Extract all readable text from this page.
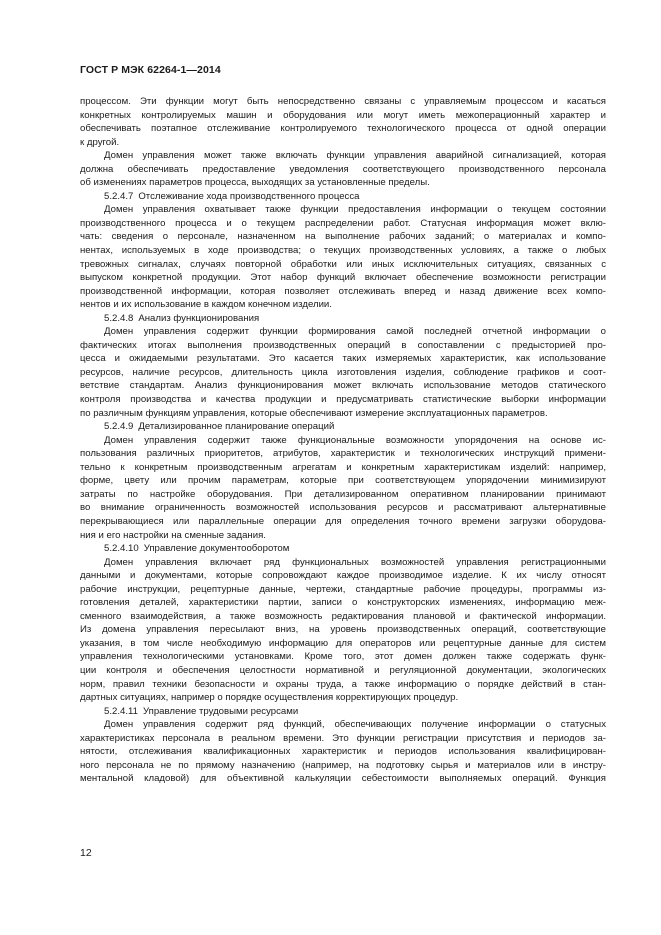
ГОСТ Р МЭК 62264-1—2014
процессом. Эти функции могут быть непосредственно связаны с управляемым процессом и касаться
конкретных контролируемых машин и оборудования или могут иметь межоперационный характер и
обеспечивать поэтапное отслеживание контролируемого технологического процесса от одной операции
к другой.
Домен управления может также включать функции управления аварийной сигнализацией, которая
должна обеспечивать предоставление уведомления соответствующего производственного персонала
об изменениях параметров процесса, выходящих за установленные пределы.
5.2.4.7 Отслеживание хода производственного процесса
Домен управления охватывает также функции предоставления информации о текущем состоянии
производственного процесса и о текущем распределении работ. Статусная информация может вклю-
чать: сведения о персонале, назначенном на выполнение рабочих заданий; о материалах и компо-
нентах, используемых в ходе производства; о текущих производственных условиях, а также о любых
тревожных сигналах, случаях повторной обработки или иных исключительных ситуациях, связанных с
выпуском конкретной продукции. Этот набор функций включает обеспечение возможности регистрации
производственной информации, которая позволяет отслеживать вперед и назад движение всех компо-
нентов и их использование в каждом конечном изделии.
5.2.4.8 Анализ функционирования
Домен управления содержит функции формирования самой последней отчетной информации о
фактических итогах выполнения производственных операций в сопоставлении с предысторией про-
цесса и ожидаемыми результатами. Это касается таких измеряемых характеристик, как использование
ресурсов, наличие ресурсов, длительность цикла изготовления изделия, соблюдение графиков и соот-
ветствие стандартам. Анализ функционирования может включать использование методов статического
контроля производства и качества продукции и предусматривать статистические выборки информации
по различным функциям управления, которые обеспечивают измерение эксплуатационных параметров.
5.2.4.9 Детализированное планирование операций
Домен управления содержит также функциональные возможности упорядочения на основе ис-
пользования различных приоритетов, атрибутов, характеристик и технологических инструкций примени-
тельно к конкретным производственным агрегатам и конкретным характеристикам изделий: например,
форме, цвету или прочим параметрам, которые при соответствующем упорядочении минимизируют
затраты по настройке оборудования. При детализированном оперативном планировании принимают
во внимание ограниченность возможностей использования ресурсов и рассматривают альтернативные
перекрывающиеся или параллельные операции для определения точного времени загрузки оборудова-
ния и его настройки на сменные задания.
5.2.4.10 Управление документооборотом
Домен управления включает ряд функциональных возможностей управления регистрационными
данными и документами, которые сопровождают каждое производимое изделие. К их числу относят
рабочие инструкции, рецептурные данные, чертежи, стандартные рабочие процедуры, программы из-
готовления деталей, характеристики партии, записи о конструкторских изменениях, информацию меж-
сменного взаимодействия, а также возможность редактирования плановой и фактической информации.
Из домена управления пересылают вниз, на уровень производственных операций, соответствующие
указания, в том числе необходимую информацию для операторов или рецептурные данные для систем
управления технологическими установками. Кроме того, этот домен должен также содержать функ-
ции контроля и обеспечения целостности нормативной и регуляционной документации, экологических
норм, правил техники безопасности и охраны труда, а также информацию о порядке действий в стан-
дартных ситуациях, например о порядке осуществления корректирующих процедур.
5.2.4.11 Управление трудовыми ресурсами
Домен управления содержит ряд функций, обеспечивающих получение информации о статусных
характеристиках персонала в реальном времени. Это функции регистрации присутствия и периодов за-
нятости, отслеживания квалификационных характеристик и периодов использования квалифицирован-
ного персонала не по прямому назначению (например, на подготовку сырья и материалов или в инстру-
ментальной кладовой) для объективной калькуляции себестоимости выполняемых операций. Функция
12
